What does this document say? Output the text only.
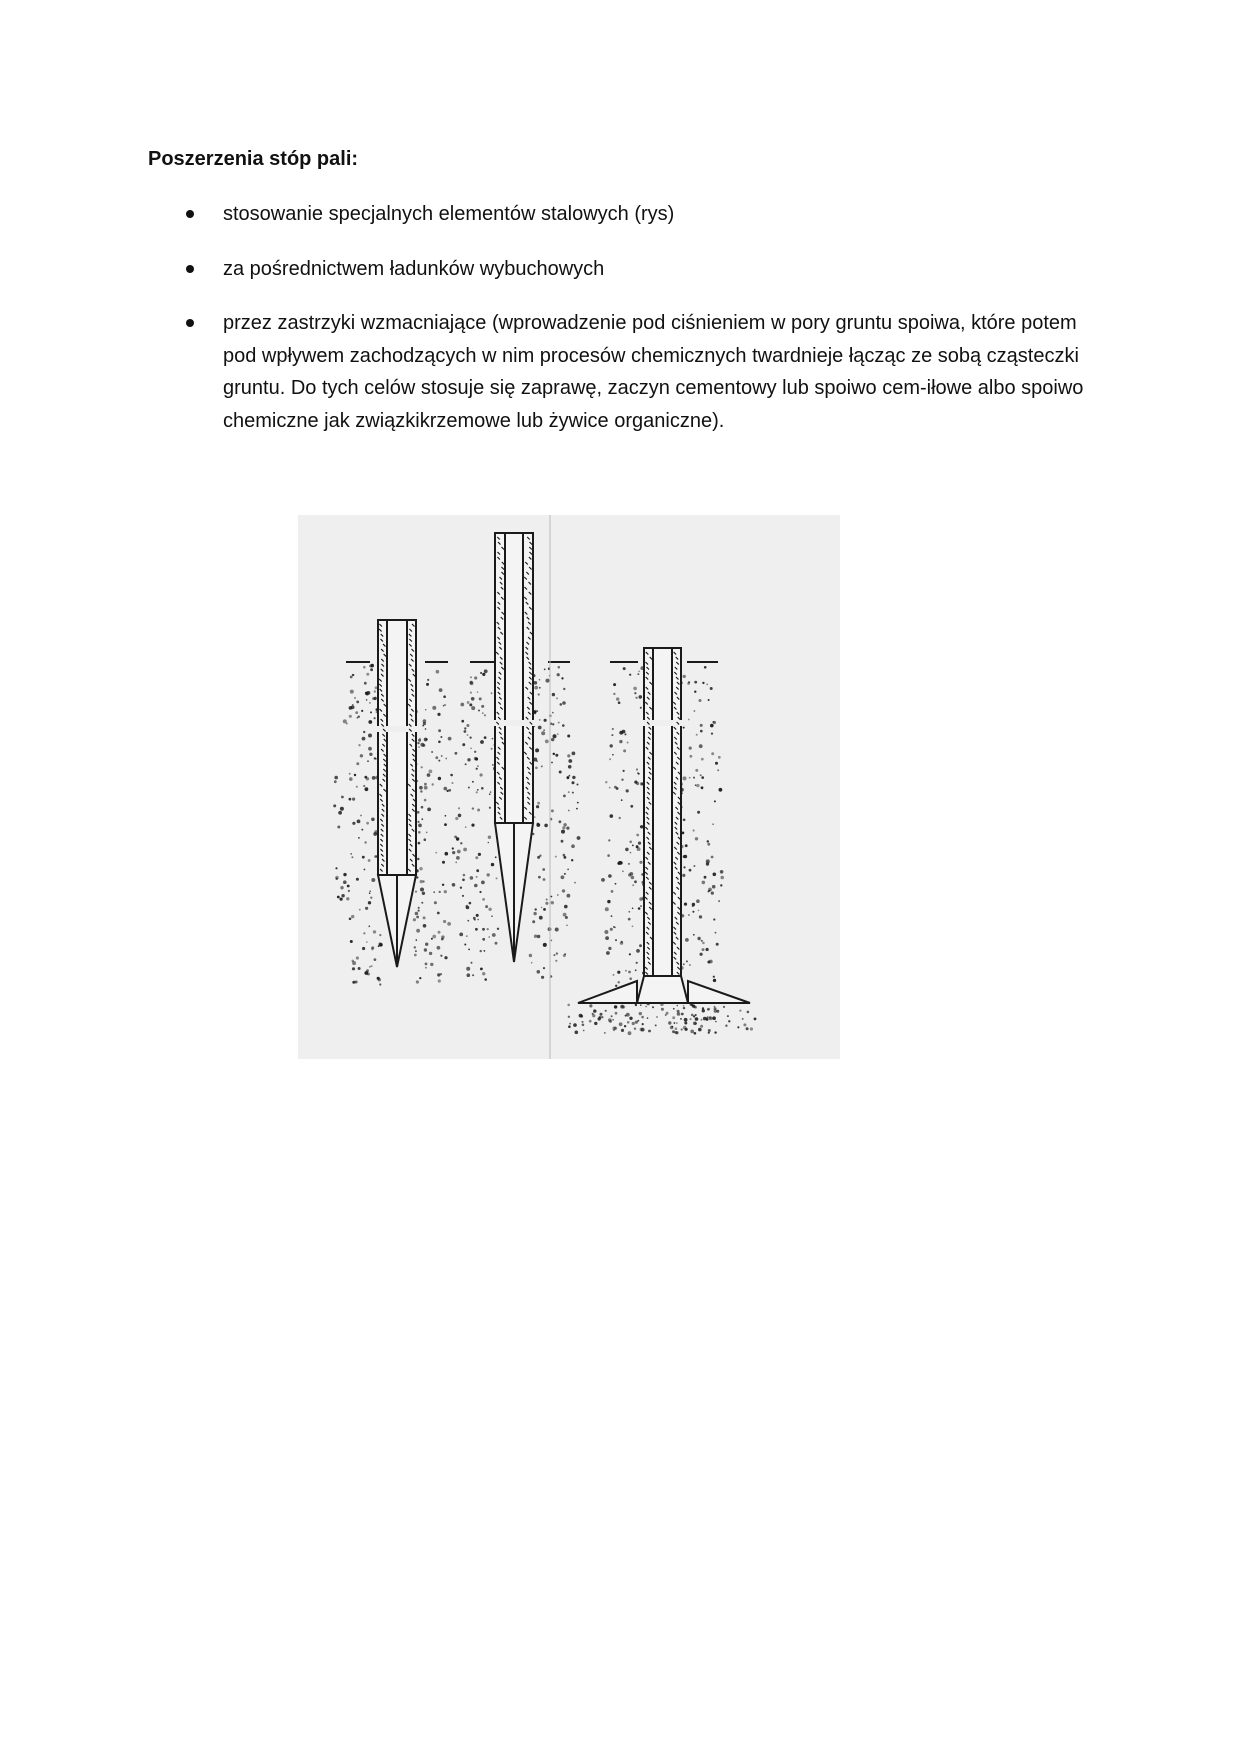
Poszerzenia stóp pali:
stosowanie specjalnych elementów stalowych (rys)
za pośrednictwem ładunków wybuchowych
przez zastrzyki wzmacniające (wprowadzenie pod ciśnieniem w pory gruntu spoiwa, które potem pod wpływem zachodzących w nim procesów chemicznych twardnieje łącząc ze sobą cząsteczki gruntu. Do tych celów stosuje się zaprawę, zaczyn cementowy lub spoiwo cem-iłowe albo spoiwo chemiczne jak związkikrzemowe lub żywice organiczne).
